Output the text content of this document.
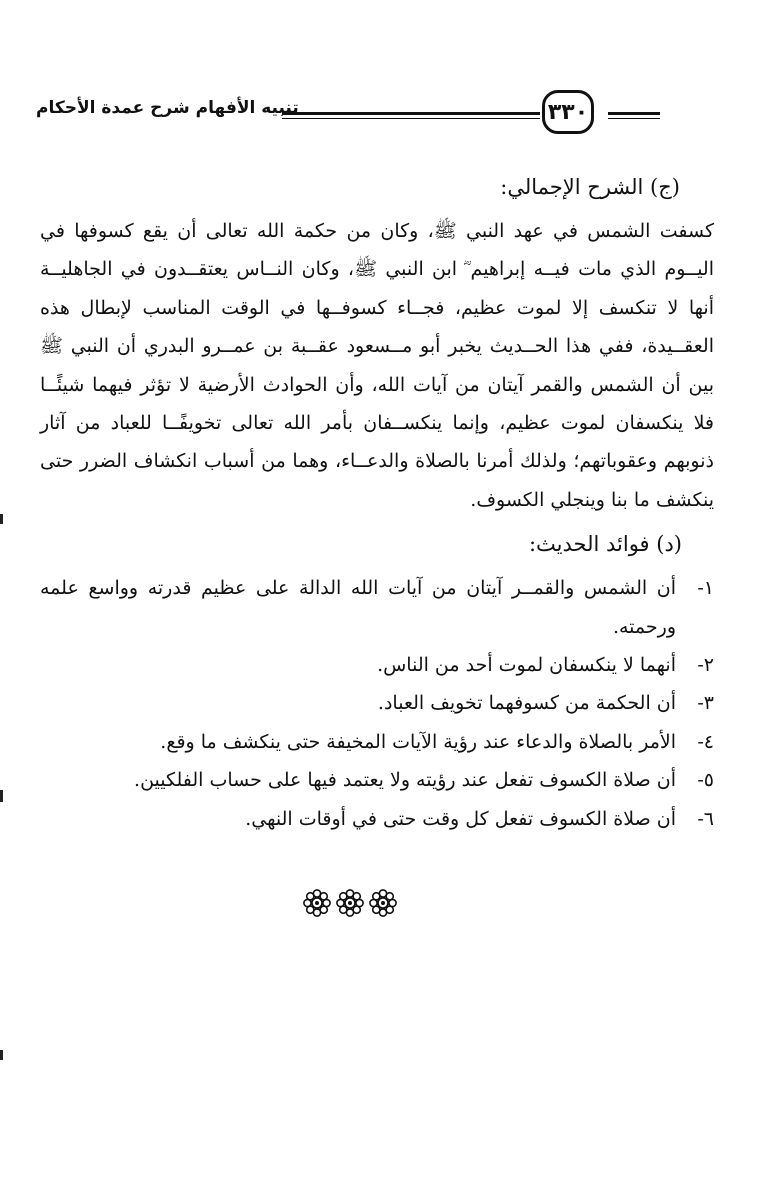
تنبيه الأفهام شرح عمدة الأحكام	٣٣٠
(ج) الشرح الإجمالي:

كسفت الشمس في عهد النبي ﷺ، وكان من حكمة الله تعالى أن يقع كسوفها في اليــوم الذي مات فيــه إبراهيم ؓ ابن النبي ﷺ، وكان النــاس يعتقــدون في الجاهليــة أنها لا تنكسف إلا لموت عظيم، فجــاء كسوفــها في الوقت المناسب لإبطال هذه العقــيدة، ففي هذا الحــديث يخبر أبو مــسعود عقــبة بن عمــرو البدري أن النبي ﷺ بين أن الشمس والقمر آيتان من آيات الله، وأن الحوادث الأرضية لا تؤثر فيهما شيئًــا فلا ينكسفان لموت عظيم، وإنما ينكســفان بأمر الله تعالى تخويفًــا للعباد من آثار ذنوبهم وعقوباتهم؛ ولذلك أمرنا بالصلاة والدعــاء، وهما من أسباب انكشاف الضرر حتى ينكشف ما بنا وينجلي الكسوف.

(د) فوائد الحديث:
١-
أن الشمس والقمــر آيتان من آيات الله الدالة على عظيم قدرته وواسع علمه ورحمته.
٢-
أنهما لا ينكسفان لموت أحد من الناس.
٣-
أن الحكمة من كسوفهما تخويف العباد.
٤-
الأمر بالصلاة والدعاء عند رؤية الآيات المخيفة حتى ينكشف ما وقع.
٥-
أن صلاة الكسوف تفعل عند رؤيته ولا يعتمد فيها على حساب الفلكيين.
٦-
أن صلاة الكسوف تفعل كل وقت حتى في أوقات النهي.
